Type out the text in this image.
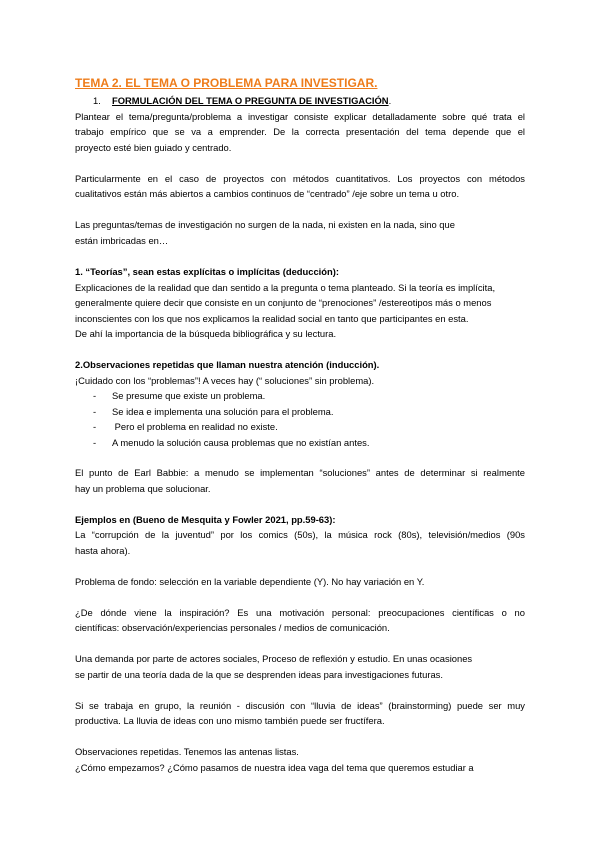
TEMA 2. EL TEMA O PROBLEMA PARA INVESTIGAR.
1. FORMULACIÓN DEL TEMA O PREGUNTA DE INVESTIGACIÓN.
Plantear el tema/pregunta/problema a investigar consiste explicar detalladamente sobre qué trata el
trabajo empírico que se va a emprender. De la correcta presentación del tema depende que el
proyecto esté bien guiado y centrado.
Particularmente en el caso de proyectos con métodos cuantitativos. Los proyectos con métodos
cualitativos están más abiertos a cambios continuos de “centrado” /eje sobre un tema u otro.
Las preguntas/temas de investigación no surgen de la nada, ni existen en la nada, sino que
están imbricadas en…
1. “Teorías”, sean estas explícitas o implícitas (deducción):
Explicaciones de la realidad que dan sentido a la pregunta o tema planteado. Si la teoría es implícita,
generalmente quiere decir que consiste en un conjunto de “prenociones” /estereotipos más o menos
inconscientes con los que nos explicamos la realidad social en tanto que participantes en esta.
De ahí la importancia de la búsqueda bibliográfica y su lectura.
2.Observaciones repetidas que llaman nuestra atención (inducción).
¡Cuidado con los “problemas”! A veces hay (“ soluciones” sin problema).
- Se presume que existe un problema.
- Se idea e implementa una solución para el problema.
- Pero el problema en realidad no existe.
- A menudo la solución causa problemas que no existían antes.
El punto de Earl Babbie: a menudo se implementan “soluciones” antes de determinar si realmente
hay un problema que solucionar.
Ejemplos en (Bueno de Mesquita y Fowler 2021, pp.59-63):
La “corrupción de la juventud” por los comics (50s), la música rock (80s), televisión/medios (90s
hasta ahora).
Problema de fondo: selección en la variable dependiente (Y). No hay variación en Y.
¿De dónde viene la inspiración? Es una motivación personal: preocupaciones científicas o no
científicas: observación/experiencias personales / medios de comunicación.
Una demanda por parte de actores sociales, Proceso de reflexión y estudio. En unas ocasiones
se partir de una teoría dada de la que se desprenden ideas para investigaciones futuras.
Si se trabaja en grupo, la reunión - discusión con “lluvia de ideas” (brainstorming) puede ser muy
productiva. La lluvia de ideas con uno mismo también puede ser fructífera.
Observaciones repetidas. Tenemos las antenas listas.
¿Cómo empezamos? ¿Cómo pasamos de nuestra idea vaga del tema que queremos estudiar a
